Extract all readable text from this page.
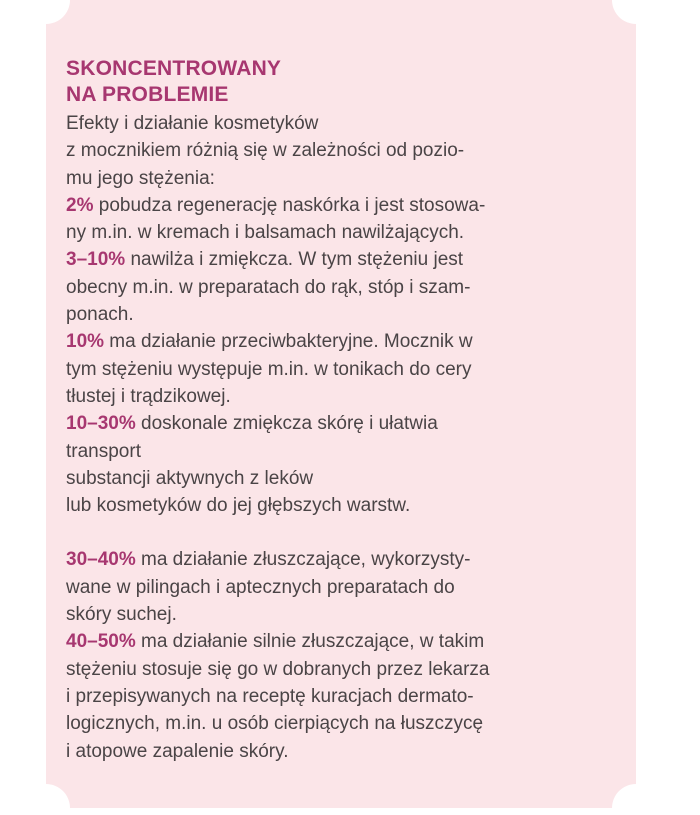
SKONCENTROWANY
NA PROBLEMIE
Efekty i działanie kosmetyków
z mocznikiem różnią się w zależności od pozio-
mu jego stężenia:
2% pobudza regenerację naskórka i jest stosowa-
ny m.in. w kremach i balsamach nawilżających.
3–10% nawilża i zmiękcza. W tym stężeniu jest
obecny m.in. w preparatach do rąk, stóp i szam-
ponach.
10% ma działanie przeciwbakteryjne. Mocznik w
tym stężeniu występuje m.in. w tonikach do cery
tłustej i trądzikowej.
10–30% doskonale zmiękcza skórę i ułatwia
transport
substancji aktywnych z leków
lub kosmetyków do jej głębszych warstw.
30–40% ma działanie złuszczające, wykorzysty-
wane w pilingach i aptecznych preparatach do
skóry suchej.
40–50% ma działanie silnie złuszczające, w takim
stężeniu stosuje się go w dobranych przez lekarza
i przepisywanych na receptę kuracjach dermato-
logicznych, m.in. u osób cierpiących na łuszczycę
i atopowe zapalenie skóry.
